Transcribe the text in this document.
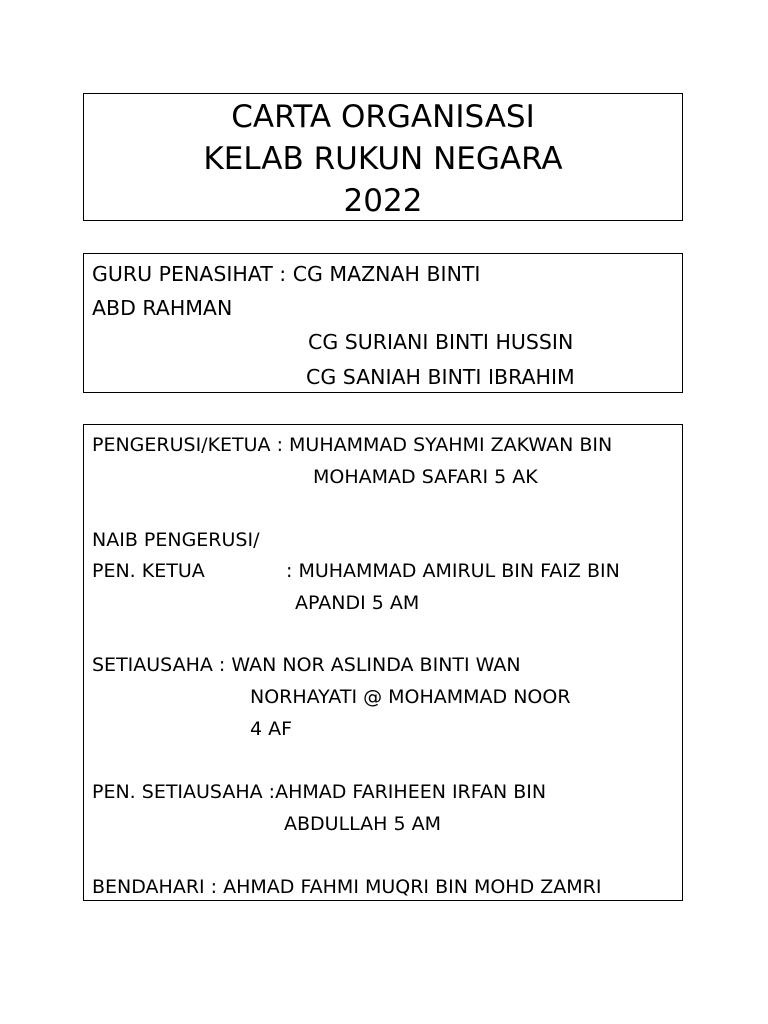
CARTA ORGANISASI
KELAB RUKUN NEGARA
2022
GURU PENASIHAT : CG MAZNAH BINTI
ABD RAHMAN
CG SURIANI BINTI HUSSIN
CG SANIAH BINTI IBRAHIM
PENGERUSI/KETUA : MUHAMMAD SYAHMI ZAKWAN BIN
MOHAMAD SAFARI 5 AK
NAIB PENGERUSI/
PEN. KETUA	: MUHAMMAD AMIRUL BIN FAIZ BIN
APANDI 5 AM
SETIAUSAHA : WAN NOR ASLINDA BINTI WAN
NORHAYATI @ MOHAMMAD NOOR
4 AF
PEN. SETIAUSAHA :AHMAD FARIHEEN IRFAN BIN
ABDULLAH 5 AM
BENDAHARI : AHMAD FAHMI MUQRI BIN MOHD ZAMRI
